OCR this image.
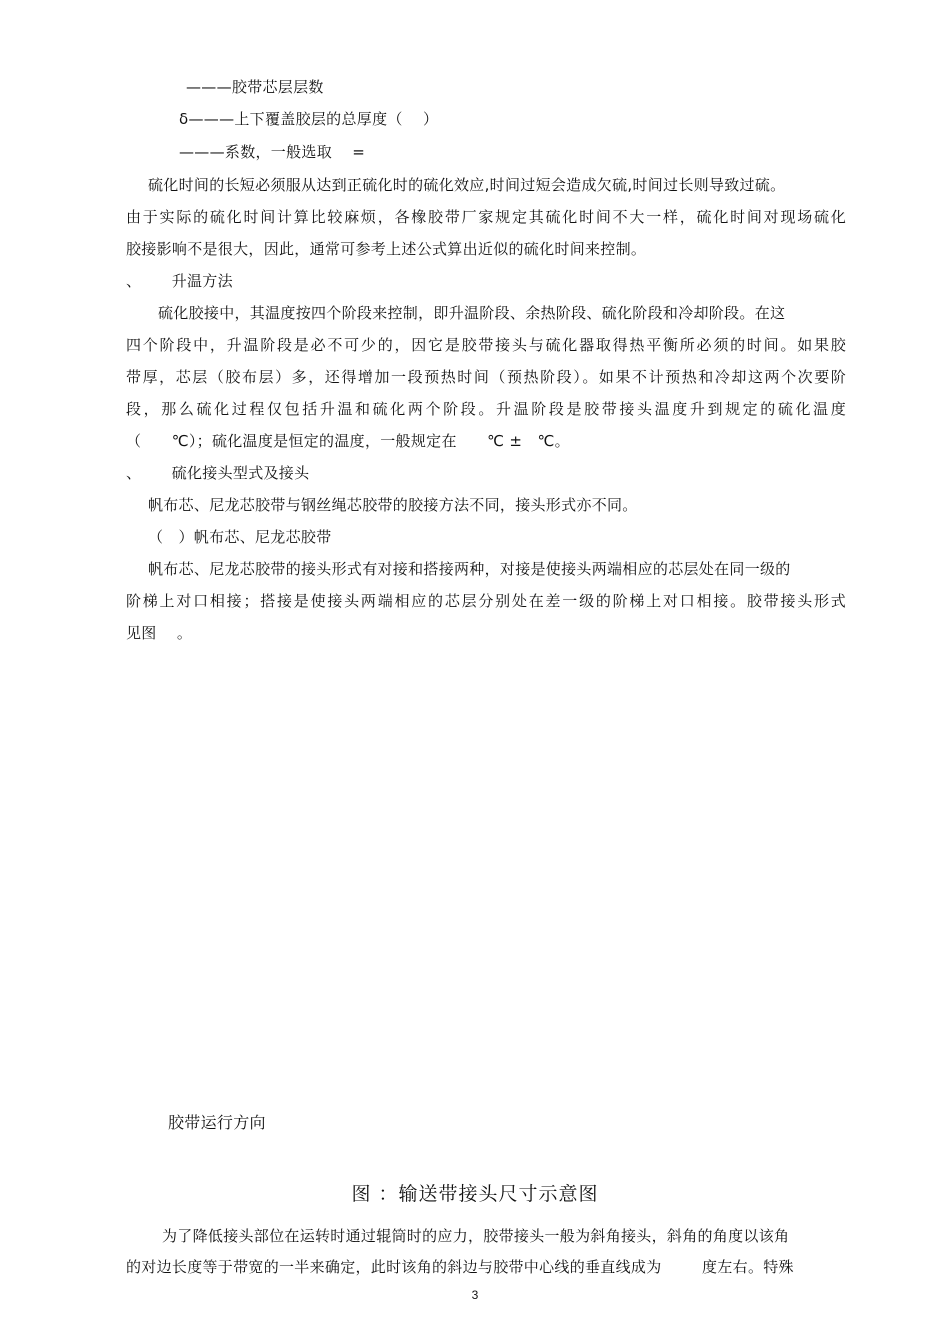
———胶带芯层层数
δ———上下覆盖胶层的总厚度（    ）
———系数，一般选取    =
硫化时间的长短必须服从达到正硫化时的硫化效应,时间过短会造成欠硫,时间过长则导致过硫。
由于实际的硫化时间计算比较麻烦，各橡胶带厂家规定其硫化时间不大一样，硫化时间对现场硫化
胶接影响不是很大，因此，通常可参考上述公式算出近似的硫化时间来控制。
、      升温方法
硫化胶接中，其温度按四个阶段来控制，即升温阶段、余热阶段、硫化阶段和冷却阶段。在这
四个阶段中，升温阶段是必不可少的，因它是胶带接头与硫化器取得热平衡所必须的时间。如果胶
带厚，芯层（胶布层）多，还得增加一段预热时间（预热阶段）。如果不计预热和冷却这两个次要阶
段，那么硫化过程仅包括升温和硫化两个阶段。升温阶段是胶带接头温度升到规定的硫化温度
（      ℃）；硫化温度是恒定的温度，一般规定在      ℃ ±   ℃。
、      硫化接头型式及接头
帆布芯、尼龙芯胶带与钢丝绳芯胶带的胶接方法不同，接头形式亦不同。
（   ）帆布芯、尼龙芯胶带
帆布芯、尼龙芯胶带的接头形式有对接和搭接两种，对接是使接头两端相应的芯层处在同一级的
阶梯上对口相接；搭接是使接头两端相应的芯层分别处在差一级的阶梯上对口相接。胶带接头形式
见图    。
胶带运行方向
图 ：输送带接头尺寸示意图
为了降低接头部位在运转时通过辊筒时的应力，胶带接头一般为斜角接头，斜角的角度以该角
的对边长度等于带宽的一半来确定，此时该角的斜边与胶带中心线的垂直线成为        度左右。特殊
3
